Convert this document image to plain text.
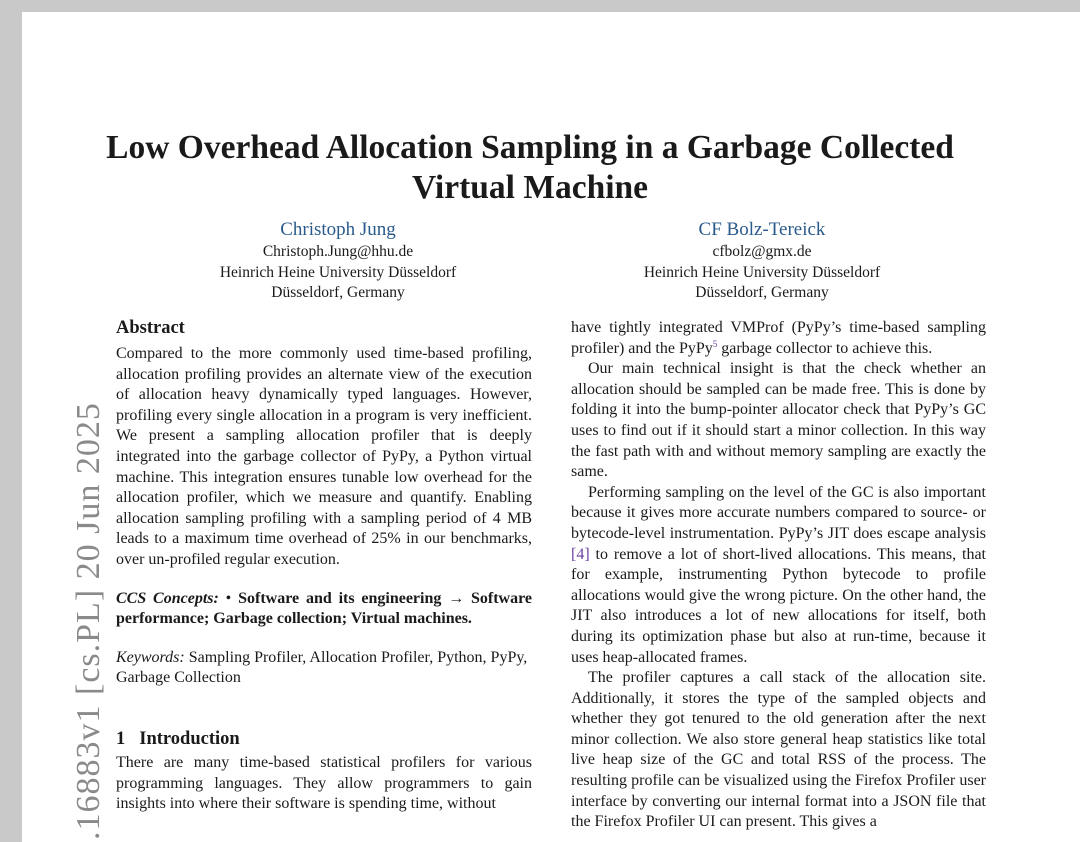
.16883v1 [cs.PL] 20 Jun 2025
Low Overhead Allocation Sampling in a Garbage Collected Virtual Machine
Christoph Jung
Christoph.Jung@hhu.de
Heinrich Heine University Düsseldorf
Düsseldorf, Germany
CF Bolz-Tereick
cfbolz@gmx.de
Heinrich Heine University Düsseldorf
Düsseldorf, Germany
Abstract

Compared to the more commonly used time-based profiling, allocation profiling provides an alternate view of the execution of allocation heavy dynamically typed languages. However, profiling every single allocation in a program is very inefficient. We present a sampling allocation profiler that is deeply integrated into the garbage collector of PyPy, a Python virtual machine. This integration ensures tunable low overhead for the allocation profiler, which we measure and quantify. Enabling allocation sampling profiling with a sampling period of 4 MB leads to a maximum time overhead of 25% in our benchmarks, over un-profiled regular execution.

CCS Concepts: • Software and its engineering → Software performance; Garbage collection; Virtual machines.

Keywords: Sampling Profiler, Allocation Profiler, Python, PyPy, Garbage Collection

1 Introduction

There are many time-based statistical profilers for various programming languages. They allow programmers to gain insights into where their software is spending time, without

have tightly integrated VMProf (PyPy’s time-based sampling profiler) and the PyPy$^5$ garbage collector to achieve this.

Our main technical insight is that the check whether an allocation should be sampled can be made free. This is done by folding it into the bump-pointer allocator check that PyPy’s GC uses to find out if it should start a minor collection. In this way the fast path with and without memory sampling are exactly the same.

Performing sampling on the level of the GC is also important because it gives more accurate numbers compared to source- or bytecode-level instrumentation. PyPy’s JIT does escape analysis [4] to remove a lot of short-lived allocations. This means, that for example, instrumenting Python bytecode to profile allocations would give the wrong picture. On the other hand, the JIT also introduces a lot of new allocations for itself, both during its optimization phase but also at run-time, because it uses heap-allocated frames.

The profiler captures a call stack of the allocation site. Additionally, it stores the type of the sampled objects and whether they got tenured to the old generation after the next minor collection. We also store general heap statistics like total live heap size of the GC and total RSS of the process. The resulting profile can be visualized using the Firefox Profiler user interface by converting our internal format into a JSON file that the Firefox Profiler UI can present. This gives a
